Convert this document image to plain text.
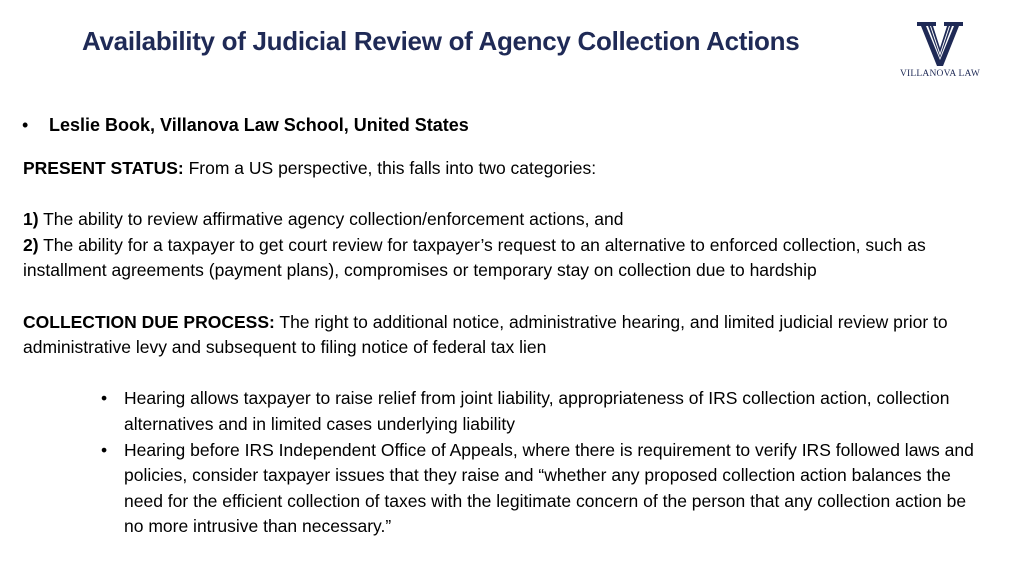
Availability of Judicial Review of Agency Collection Actions
VILLANOVA LAW
• Leslie Book, Villanova Law School, United States

PRESENT STATUS: From a US perspective, this falls into two categories:

1) The ability to review affirmative agency collection/enforcement actions, and

2) The ability for a taxpayer to get court review for taxpayer’s request to an alternative to enforced collection, such as installment agreements (payment plans), compromises or temporary stay on collection due to hardship

COLLECTION DUE PROCESS: The right to additional notice, administrative hearing, and limited judicial review prior to administrative levy and subsequent to filing notice of federal tax lien

• Hearing allows taxpayer to raise relief from joint liability, appropriateness of IRS collection action, collection alternatives and in limited cases underlying liability
• Hearing before IRS Independent Office of Appeals, where there is requirement to verify IRS followed laws and policies, consider taxpayer issues that they raise and “whether any proposed collection action balances the need for the efficient collection of taxes with the legitimate concern of the person that any collection action be no more intrusive than necessary.”
